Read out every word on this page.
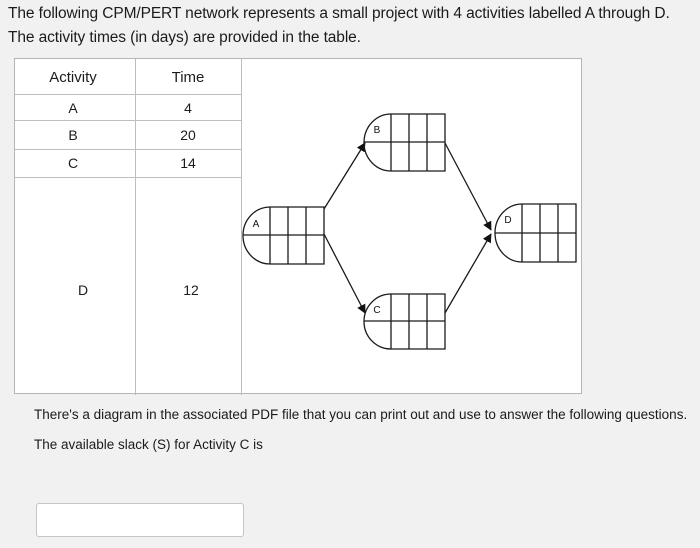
The following CPM/PERT network represents a small project with 4 activities labelled A through D.

The activity times (in days) are provided in the table.

Activity	Time
A	4
B	20
C	14
D	12
A
B
C
D

There's a diagram in the associated PDF file that you can print out and use to answer the following questions.

The available slack (S) for Activity C is
